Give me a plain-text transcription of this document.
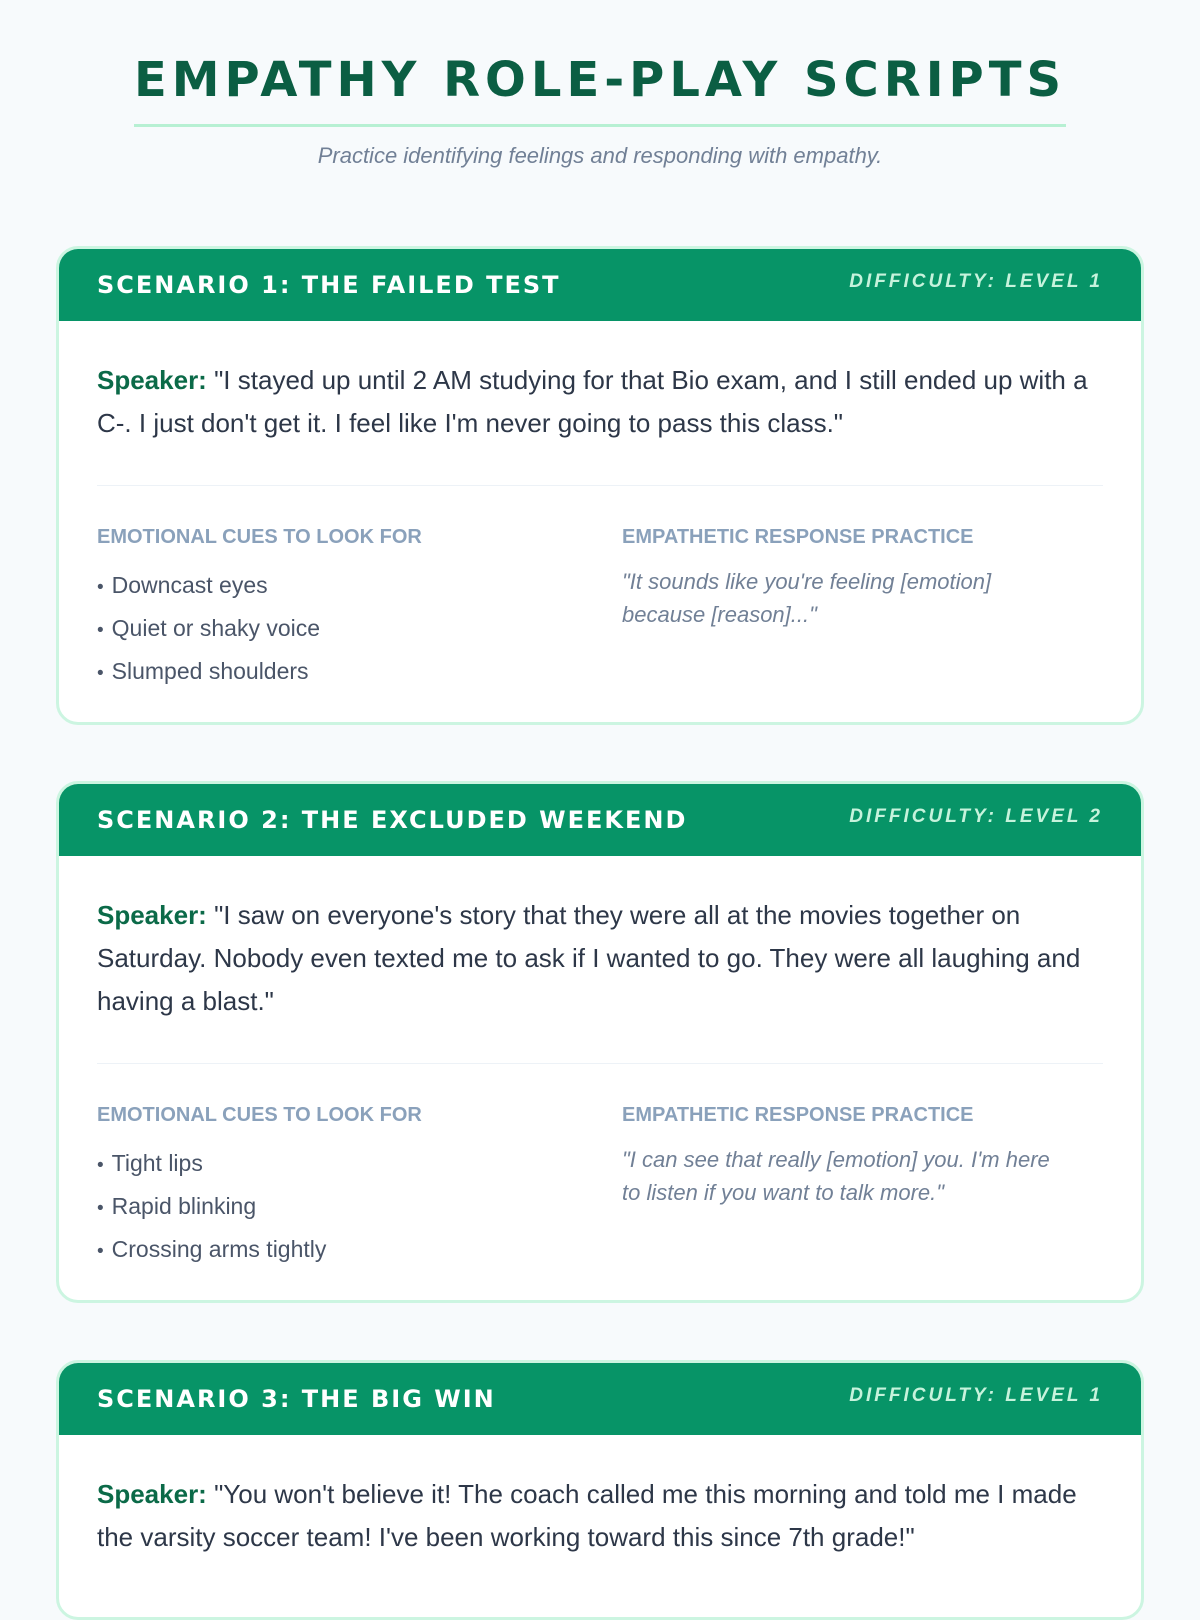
EMPATHY ROLE-PLAY SCRIPTS
Practice identifying feelings and responding with empathy.
SCENARIO 1: THE FAILED TEST	DIFFICULTY: LEVEL 1

Speaker: "I stayed up until 2 AM studying for that Bio exam, and I still ended up with a C-. I just don't get it. I feel like I'm never going to pass this class."

EMOTIONAL CUES TO LOOK FOR
• Downcast eyes
• Quiet or shaky voice
• Slumped shoulders
EMPATHETIC RESPONSE PRACTICE

"It sounds like you're feeling [emotion] because [reason]..."

SCENARIO 2: THE EXCLUDED WEEKEND	DIFFICULTY: LEVEL 2

Speaker: "I saw on everyone's story that they were all at the movies together on Saturday. Nobody even texted me to ask if I wanted to go. They were all laughing and having a blast."

EMOTIONAL CUES TO LOOK FOR
• Tight lips
• Rapid blinking
• Crossing arms tightly
EMPATHETIC RESPONSE PRACTICE

"I can see that really [emotion] you. I'm here to listen if you want to talk more."

SCENARIO 3: THE BIG WIN	DIFFICULTY: LEVEL 1

Speaker: "You won't believe it! The coach called me this morning and told me I made the varsity soccer team! I've been working toward this since 7th grade!"
